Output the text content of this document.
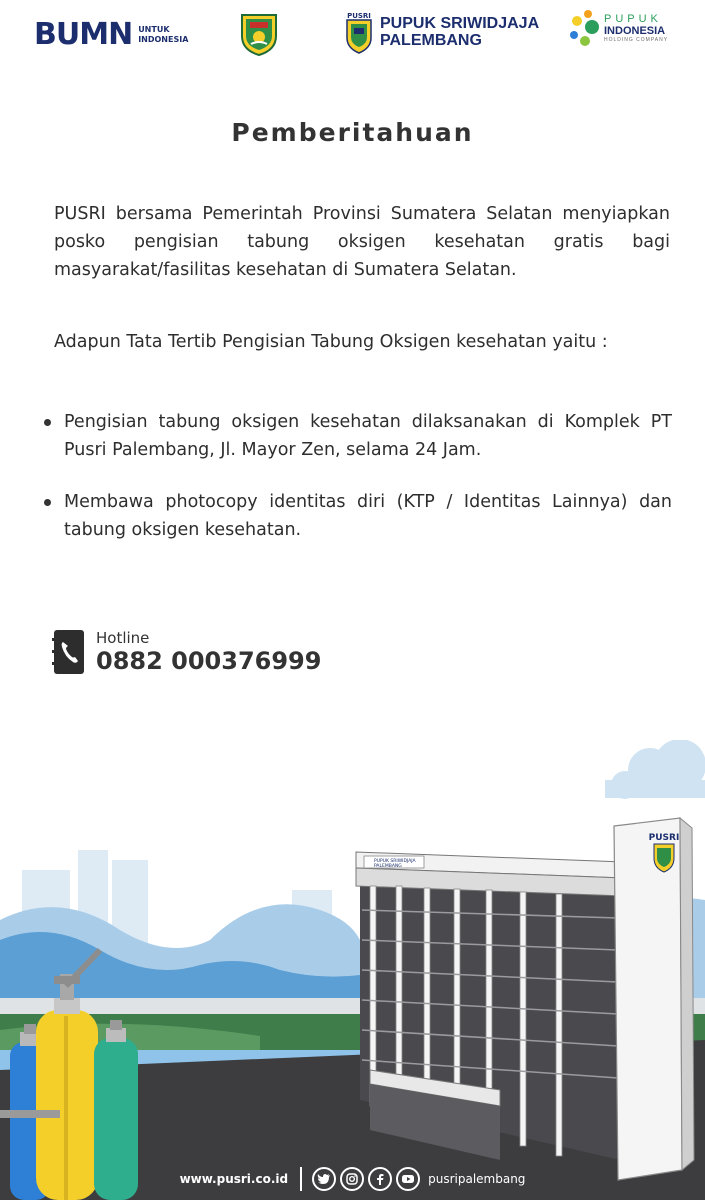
BUMN UNTUK
INDONESIA
PUSRI PUPUK SRIWIDJAJA
PALEMBANG
PUPUK
INDONESIA
HOLDING COMPANY
Pemberitahuan

PUSRI bersama Pemerintah Provinsi Sumatera Selatan menyiapkan posko pengisian tabung oksigen kesehatan gratis bagi masyarakat/fasilitas kesehatan di Sumatera Selatan.

Adapun Tata Tertib Pengisian Tabung Oksigen kesehatan yaitu :

Pengisian tabung oksigen kesehatan dilaksanakan di Komplek PT Pusri Palembang, Jl. Mayor Zen, selama 24 Jam.
Membawa photocopy identitas diri (KTP / Identitas Lainnya) dan tabung oksigen kesehatan.
Hotline
0882 000376999
PUPUK SRIWIDJAJA
PALEMBANG
PUSRI
www.pusri.co.id	pusripalembang
